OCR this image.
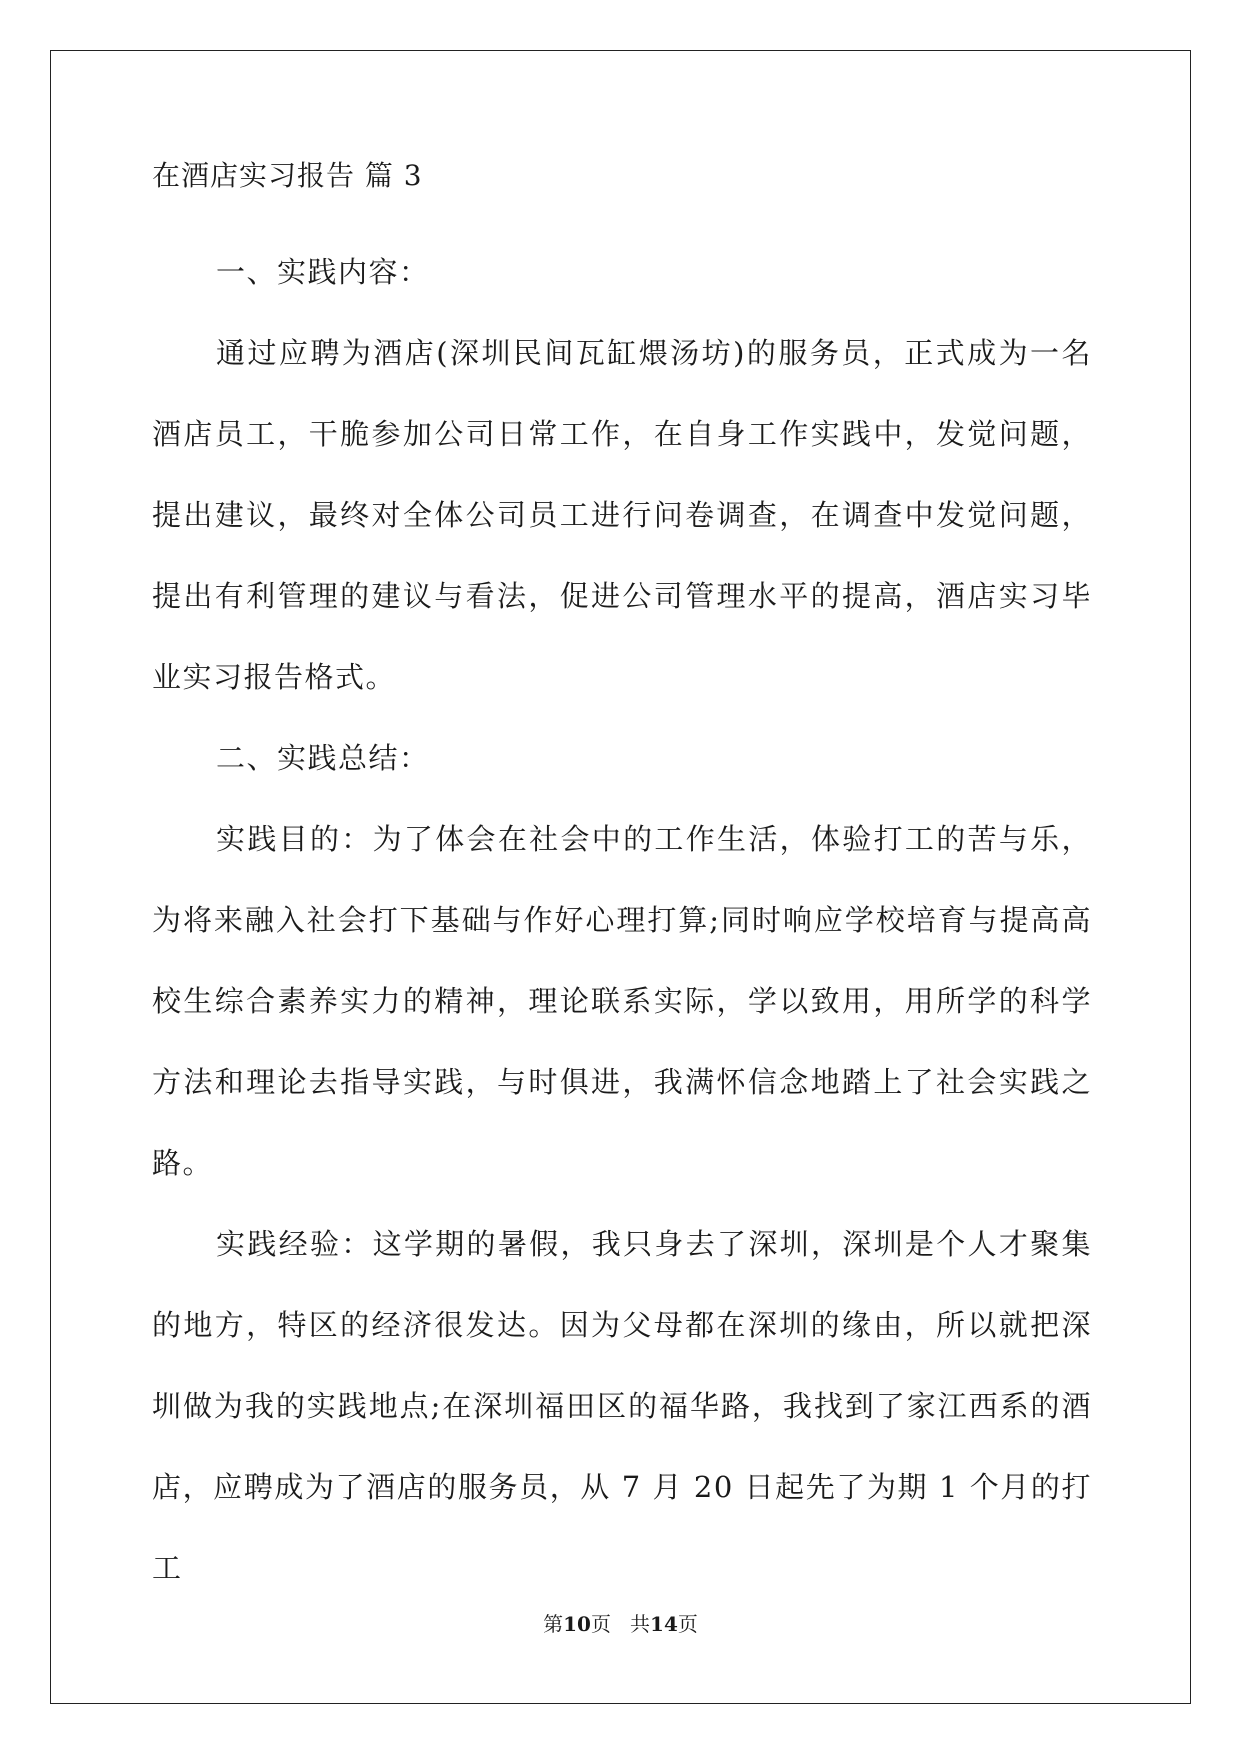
在酒店实习报告 篇 3

一、实践内容：

通过应聘为酒店(深圳民间瓦缸煨汤坊)的服务员，正式成为一名酒店员工，干脆参加公司日常工作，在自身工作实践中，发觉问题，提出建议，最终对全体公司员工进行问卷调查，在调查中发觉问题，提出有利管理的建议与看法，促进公司管理水平的提高，酒店实习毕业实习报告格式。

二、实践总结：

实践目的：为了体会在社会中的工作生活，体验打工的苦与乐，为将来融入社会打下基础与作好心理打算;同时响应学校培育与提高高校生综合素养实力的精神，理论联系实际，学以致用，用所学的科学方法和理论去指导实践，与时俱进，我满怀信念地踏上了社会实践之路。

实践经验：这学期的暑假，我只身去了深圳，深圳是个人才聚集的地方，特区的经济很发达。因为父母都在深圳的缘由，所以就把深圳做为我的实践地点;在深圳福田区的福华路，我找到了家江西系的酒店，应聘成为了酒店的服务员，从 7 月 20 日起先了为期 1 个月的打工

第10页   共14页
